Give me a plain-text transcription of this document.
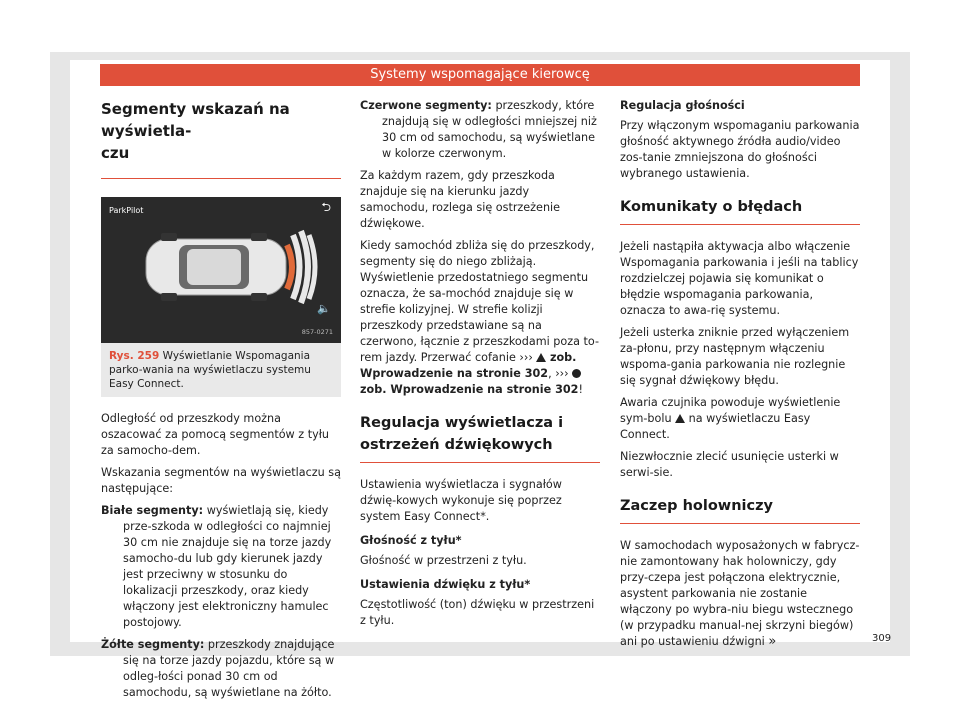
Systemy wspomagające kierowcę
Segmenty wskazań na wyświetla-
czu
ParkPilot	⮌
🔈
857-0271
Rys. 259 Wyświetlanie Wspomagania parko-wania na wyświetlaczu systemu Easy Connect.

Odległość od przeszkody można oszacować za pomocą segmentów z tyłu za samocho-dem.

Wskazania segmentów na wyświetlaczu są następujące:

Białe segmenty: wyświetlają się, kiedy prze-szkoda w odległości co najmniej 30 cm nie znajduje się na torze jazdy samocho-du lub gdy kierunek jazdy jest przeciwny w stosunku do lokalizacji przeszkody, oraz kiedy włączony jest elektroniczny hamulec postojowy.
Żółte segmenty: przeszkody znajdujące się na torze jazdy pojazdu, które są w odleg-łości ponad 30 cm od samochodu, są wyświetlane na żółto.
Czerwone segmenty: przeszkody, które znajdują się w odległości mniejszej niż 30 cm od samochodu, są wyświetlane w kolorze czerwonym.

Za każdym razem, gdy przeszkoda znajduje się na kierunku jazdy samochodu, rozlega się ostrzeżenie dźwiękowe.

Kiedy samochód zbliża się do przeszkody, segmenty się do niego zbliżają. Wyświetlenie przedostatniego segmentu oznacza, że sa-mochód znajduje się w strefie kolizyjnej. W strefie kolizji przeszkody przedstawiane są na czerwono, łącznie z przeszkodami poza to-rem jazdy. Przerwać cofanie ››› zob. Wprowadzenie na stronie 302, ›››  zob. Wprowadzenie na stronie 302!

Regulacja wyświetlacza i ostrzeżeń dźwiękowych

Ustawienia wyświetlacza i sygnałów dźwię-kowych wykonuje się poprzez system Easy Connect*.

Głośność z tyłu*

Głośność w przestrzeni z tyłu.

Ustawienia dźwięku z tyłu*

Częstotliwość (ton) dźwięku w przestrzeni z tyłu.

Regulacja głośności

Przy włączonym wspomaganiu parkowania głośność aktywnego źródła audio/video zos-tanie zmniejszona do głośności wybranego ustawienia.

Komunikaty o błędach

Jeżeli nastąpiła aktywacja albo włączenie Wspomagania parkowania i jeśli na tablicy rozdzielczej pojawia się komunikat o błędzie wspomagania parkowania, oznacza to awa-rię systemu.

Jeżeli usterka zniknie przed wyłączeniem za-płonu, przy następnym włączeniu wspoma-gania parkowania nie rozlegnie się sygnał dźwiękowy błędu.

Awaria czujnika powoduje wyświetlenie sym-bolu na wyświetlaczu Easy Connect.

Niezwłocznie zlecić usunięcie usterki w serwi-sie.

Zaczep holowniczy

W samochodach wyposażonych w fabrycz-nie zamontowany hak holowniczy, gdy przy-czepa jest połączona elektrycznie, asystent parkowania nie zostanie włączony po wybra-niu biegu wstecznego (w przypadku manual-nej skrzyni biegów) ani po ustawieniu dźwigni »	309
